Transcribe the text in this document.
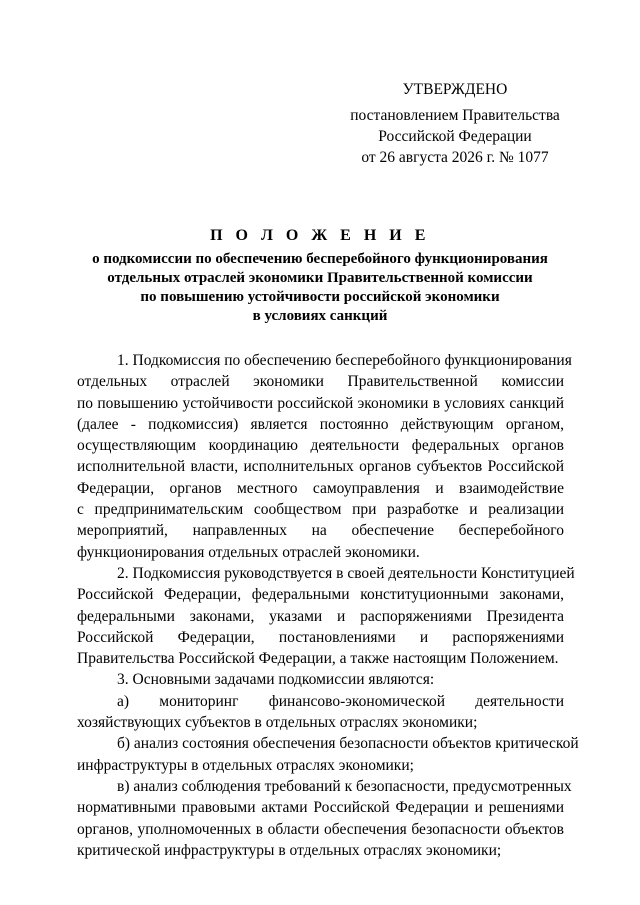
УТВЕРЖДЕНО
постановлением Правительства
Российской Федерации
от 26 августа 2026 г. № 1077
П О Л О Ж Е Н И Е
о подкомиссии по обеспечению бесперебойного функционирования
отдельных отраслей экономики Правительственной комиссии
по повышению устойчивости российской экономики
в условиях санкций
1. Подкомиссия по обеспечению бесперебойного функционирования
отдельных отраслей экономики Правительственной комиссии
по повышению устойчивости российской экономики в условиях санкций
(далее - подкомиссия) является постоянно действующим органом,
осуществляющим координацию деятельности федеральных органов
исполнительной власти, исполнительных органов субъектов Российской
Федерации, органов местного самоуправления и взаимодействие
с предпринимательским сообществом при разработке и реализации
мероприятий, направленных на обеспечение бесперебойного
функционирования отдельных отраслей экономики.
2. Подкомиссия руководствуется в своей деятельности Конституцией
Российской Федерации, федеральными конституционными законами,
федеральными законами, указами и распоряжениями Президента
Российской Федерации, постановлениями и распоряжениями
Правительства Российской Федерации, а также настоящим Положением.
3. Основными задачами подкомиссии являются:
а) мониторинг финансово-экономической деятельности
хозяйствующих субъектов в отдельных отраслях экономики;
б) анализ состояния обеспечения безопасности объектов критической
инфраструктуры в отдельных отраслях экономики;
в) анализ соблюдения требований к безопасности, предусмотренных
нормативными правовыми актами Российской Федерации и решениями
органов, уполномоченных в области обеспечения безопасности объектов
критической инфраструктуры в отдельных отраслях экономики;
